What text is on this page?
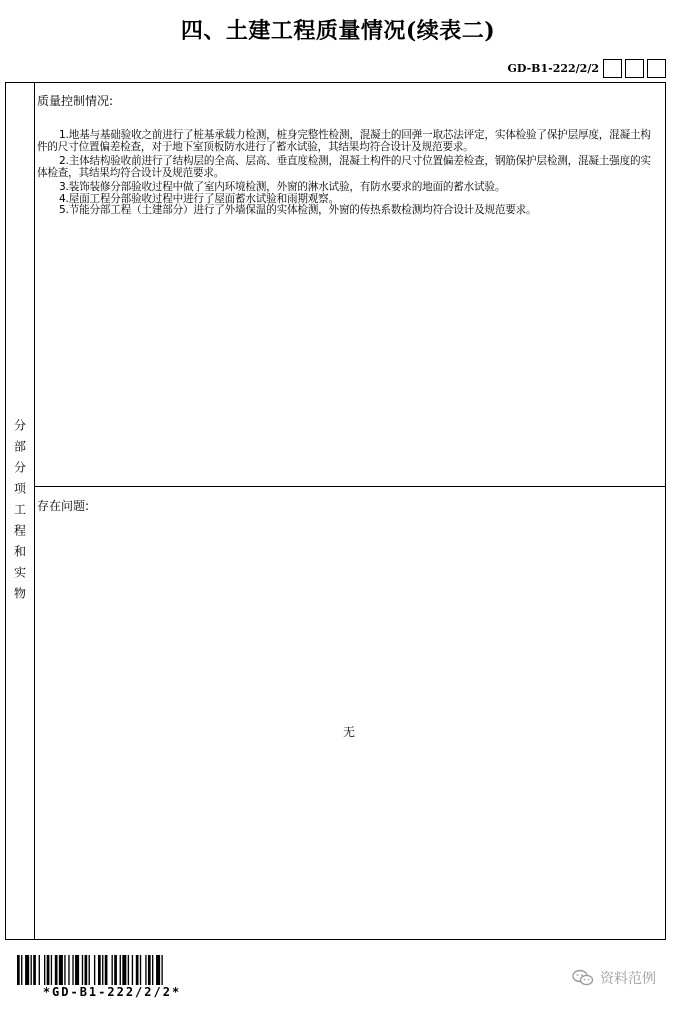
四、土建工程质量情况(续表二)
GD-B1-222/2/2
分部分项工程和实物
质量控制情况:

1.地基与基础验收之前进行了桩基承载力检测，桩身完整性检测，混凝土的回弹一取芯法评定，实体检验了保护层厚度，混凝土构件的尺寸位置偏差检查，对于地下室顶板防水进行了蓄水试验，其结果均符合设计及规范要求。

2.主体结构验收前进行了结构层的全高、层高、垂直度检测，混凝土构件的尺寸位置偏差检查，钢筋保护层检测，混凝土强度的实体检查，其结果均符合设计及规范要求。

3.装饰装修分部验收过程中做了室内环境检测，外窗的淋水试验，有防水要求的地面的蓄水试验。

4.屋面工程分部验收过程中进行了屋面蓄水试验和雨期观察。

5.节能分部工程（土建部分）进行了外墙保温的实体检测，外窗的传热系数检测均符合设计及规范要求。

存在问题:
无
*GD-B1-222/2/2*
资料范例
